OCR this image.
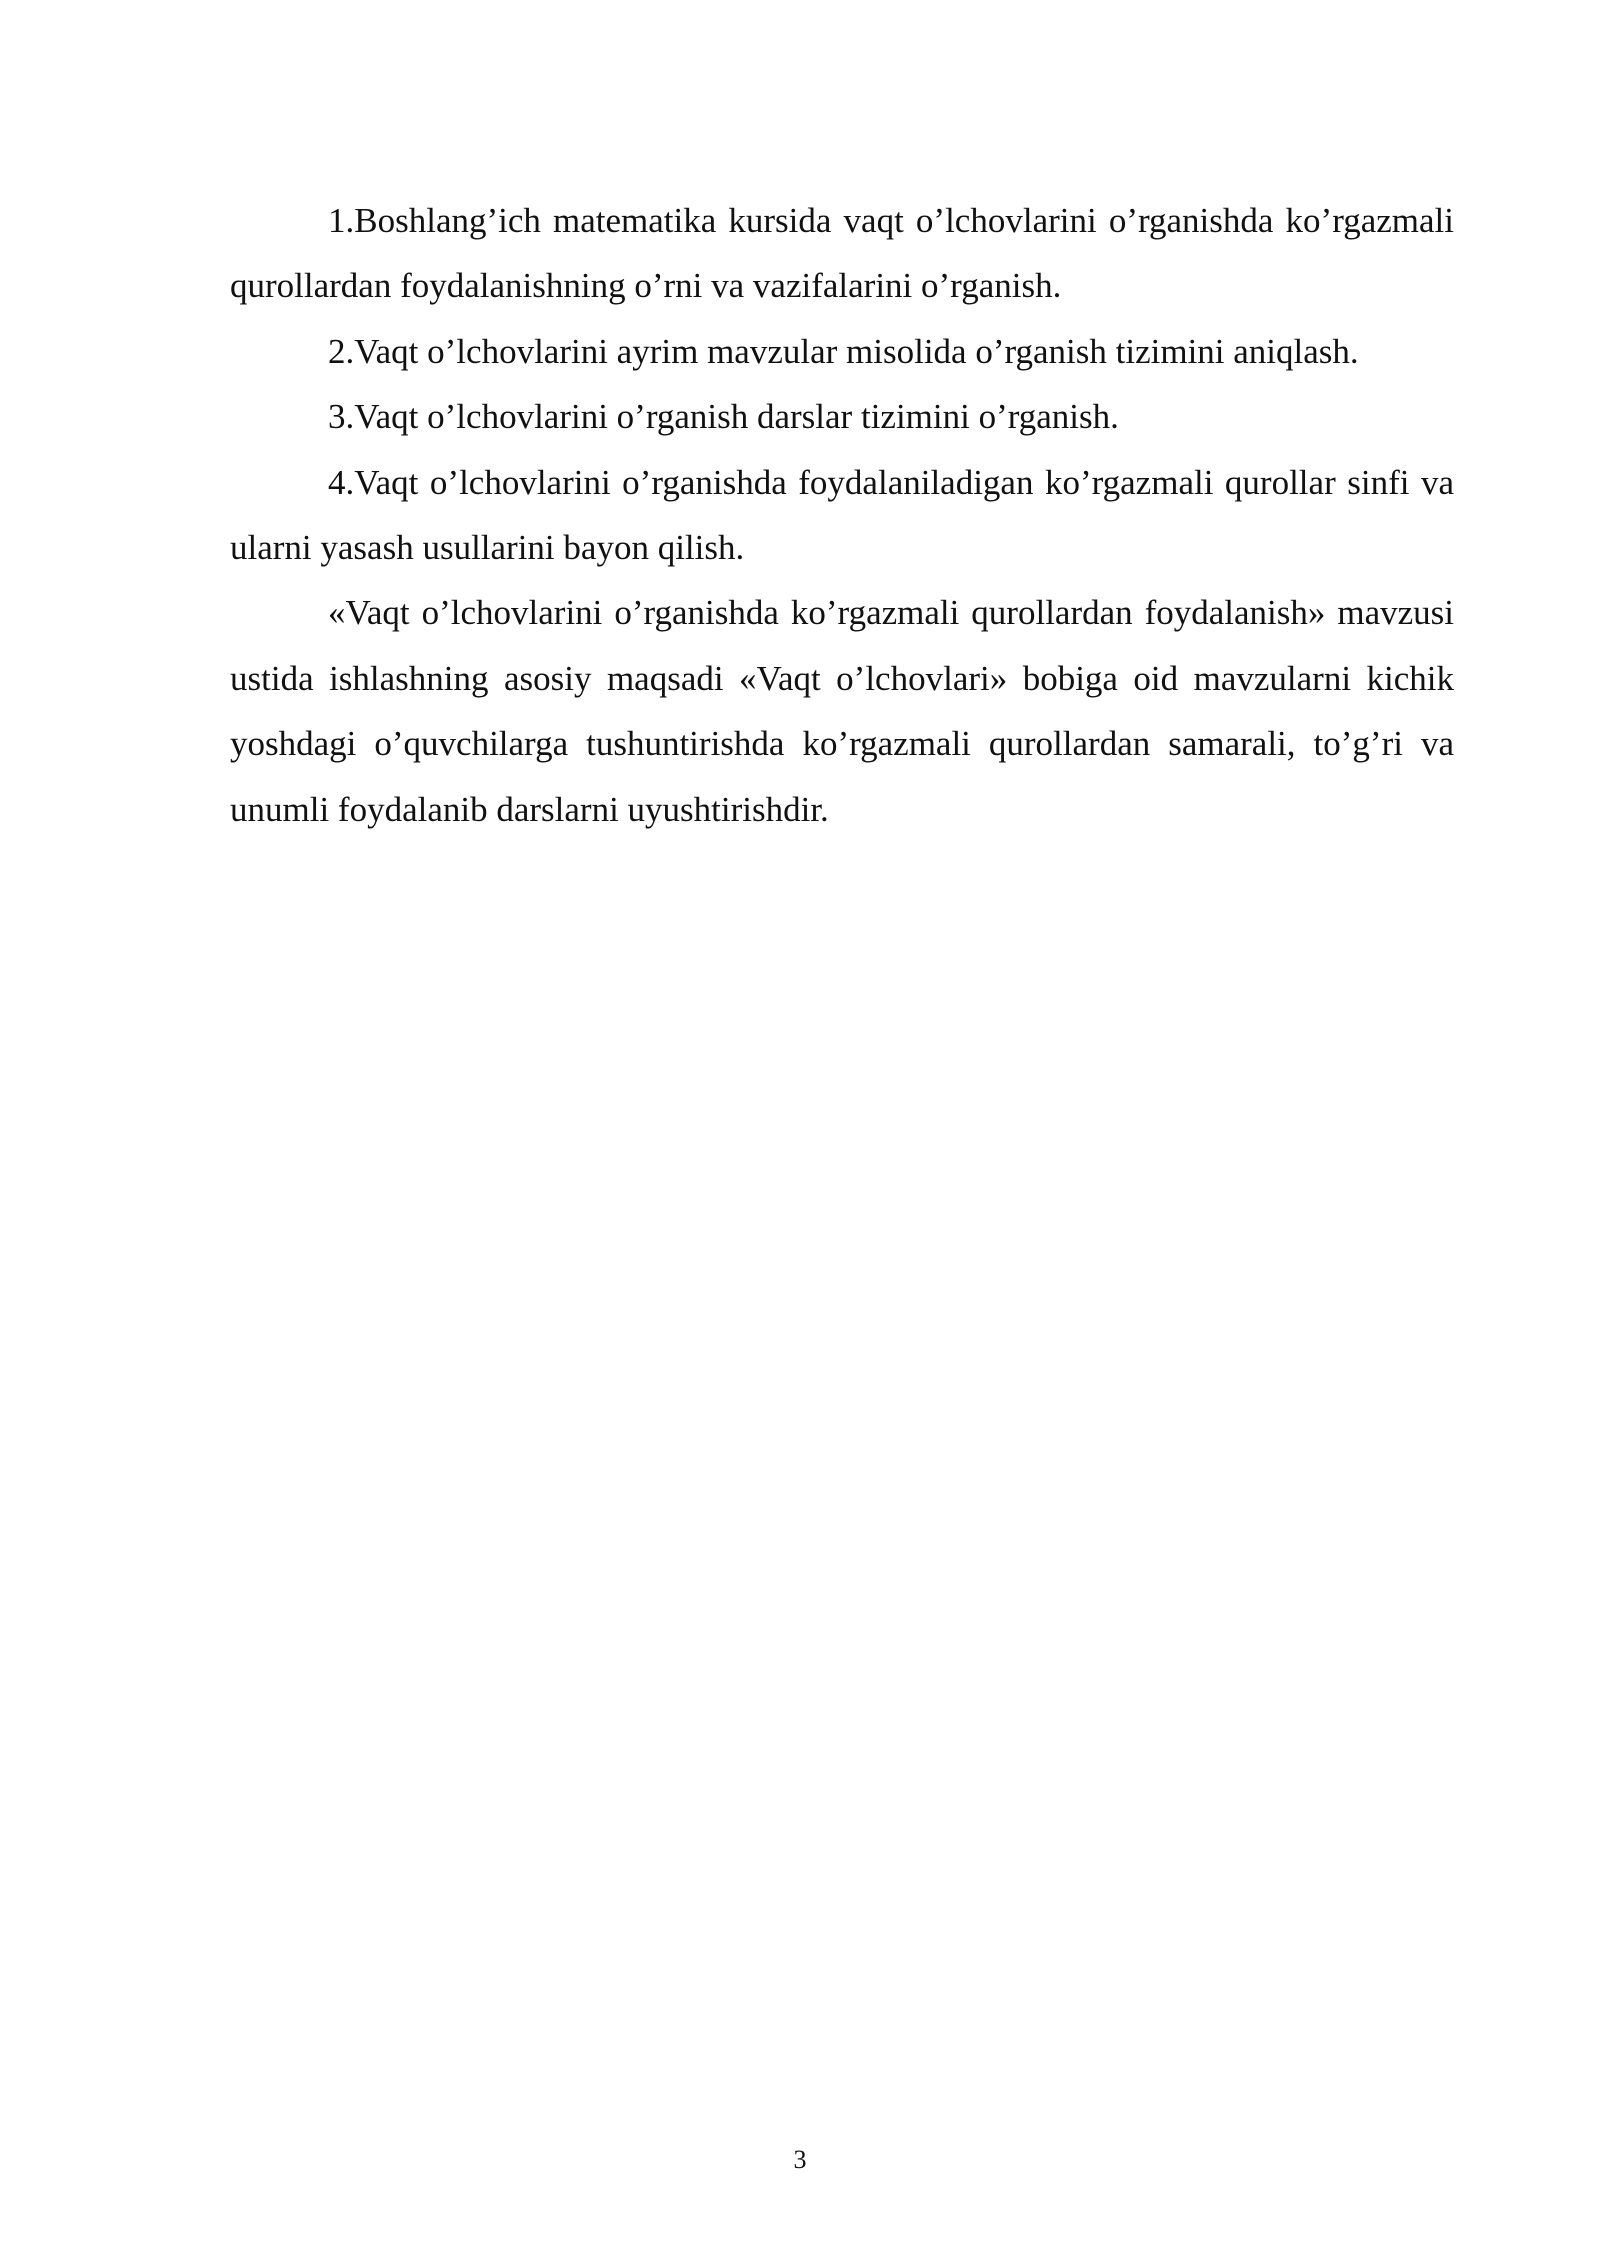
1.Boshlang’ich matematika kursida vaqt o’lchovlarini o’rganishda ko’rgazmali qurollardan foydalanishning o’rni va vazifalarini o’rganish.

2.Vaqt o’lchovlarini ayrim mavzular misolida o’rganish tizimini aniqlash.

3.Vaqt o’lchovlarini o’rganish darslar tizimini o’rganish.

4.Vaqt o’lchovlarini o’rganishda foydalaniladigan ko’rgazmali qurollar sinfi va ularni yasash usullarini bayon qilish.

«Vaqt o’lchovlarini o’rganishda ko’rgazmali qurollardan foydalanish» mavzusi ustida ishlashning asosiy maqsadi «Vaqt o’lchovlari» bobiga oid mavzularni kichik yoshdagi o’quvchilarga tushuntirishda ko’rgazmali qurollardan samarali, to’g’ri va unumli foydalanib darslarni uyushtirishdir.

3
